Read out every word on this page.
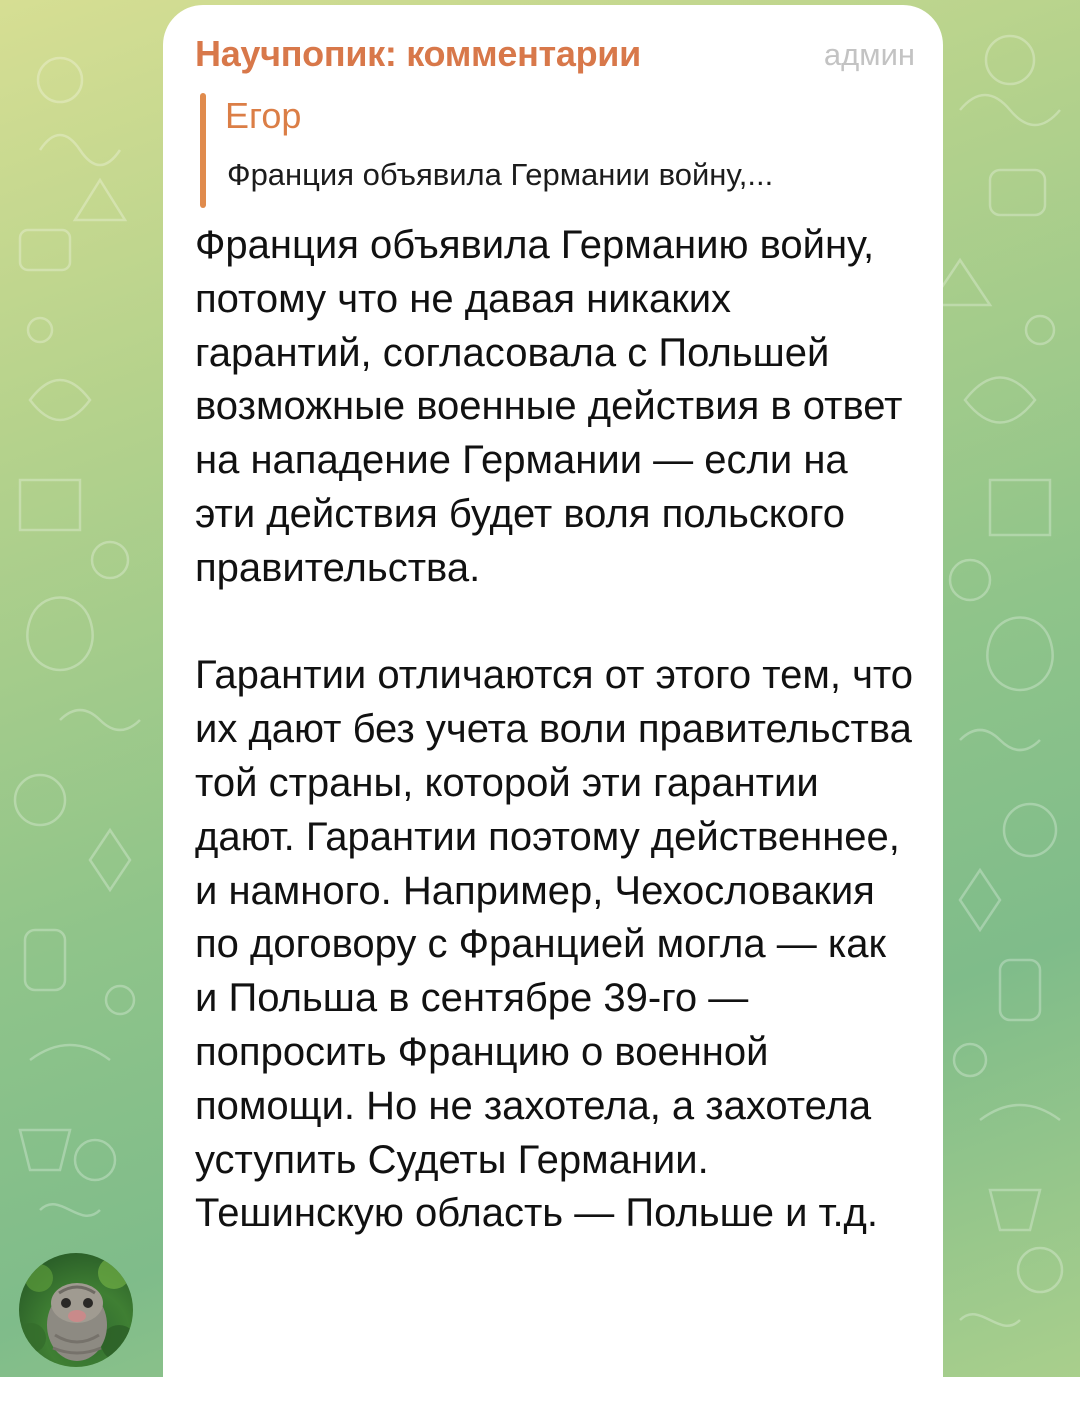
Научпопик: комментарии	админ
Егор
Франция объявила Германии войну,...

Франция объявила Германию войну, потому что не давая никаких гарантий, согласовала с Польшей возможные военные действия в ответ на нападение Германии — если на эти действия будет воля польского правительства.

Гарантии отличаются от этого тем, что их дают без учета воли правительства той страны, которой эти гарантии дают. Гарантии поэтому действеннее, и намного. Например, Чехословакия по договору с Францией могла — как и Польша в сентябре 39-го — попросить Францию о военной помощи. Но не захотела, а захотела уступить Судеты Германии. Тешинскую область — Польше и т.д.
